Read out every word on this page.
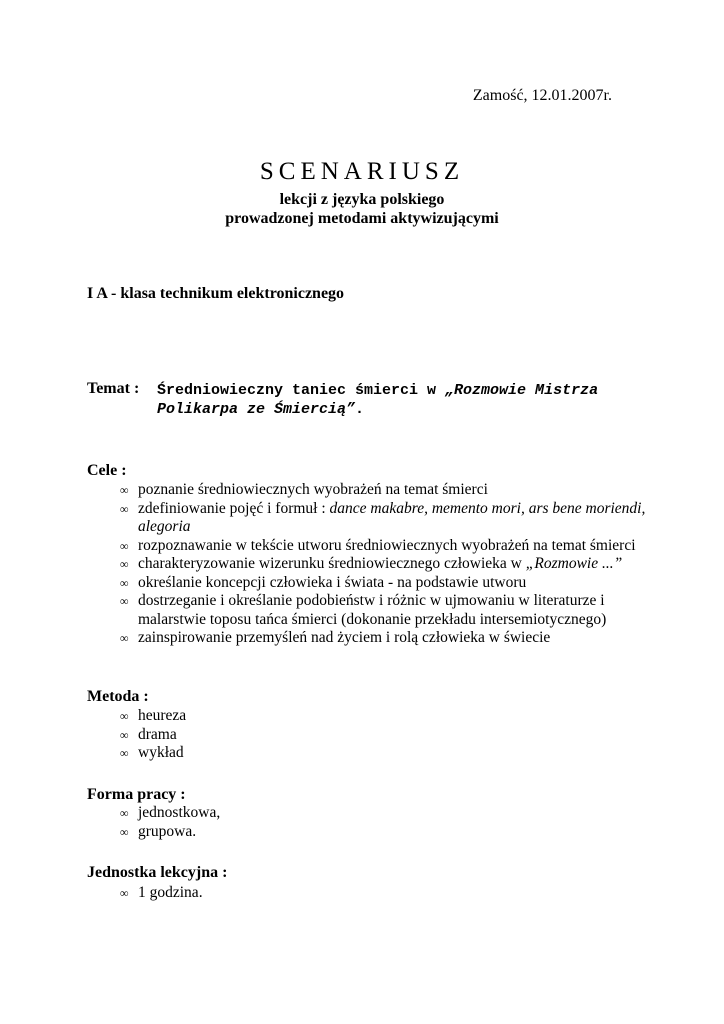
Zamość, 12.01.2007r.
SCENARIUSZ
lekcji z języka polskiego
prowadzonej metodami aktywizującymi
I A - klasa technikum elektronicznego
Temat : Średniowieczny taniec śmierci w „Rozmowie Mistrza
Polikarpa ze Śmiercią”.
Cele :
∞ poznanie średniowiecznych wyobrażeń na temat śmierci
∞ zdefiniowanie pojęć i formuł : dance makabre, memento mori, ars bene moriendi, alegoria
∞ rozpoznawanie w tekście utworu średniowiecznych wyobrażeń na temat śmierci
∞ charakteryzowanie wizerunku średniowiecznego człowieka w „Rozmowie ...”
∞ określanie koncepcji człowieka i świata - na podstawie utworu
∞ dostrzeganie i określanie podobieństw i różnic w ujmowaniu w literaturze i malarstwie toposu tańca śmierci (dokonanie przekładu intersemiotycznego)
∞ zainspirowanie przemyśleń nad życiem i rolą człowieka w świecie
Metoda :
∞ heureza
∞ drama
∞ wykład
Forma pracy :
∞ jednostkowa,
∞ grupowa.
Jednostka lekcyjna :
∞ 1 godzina.
